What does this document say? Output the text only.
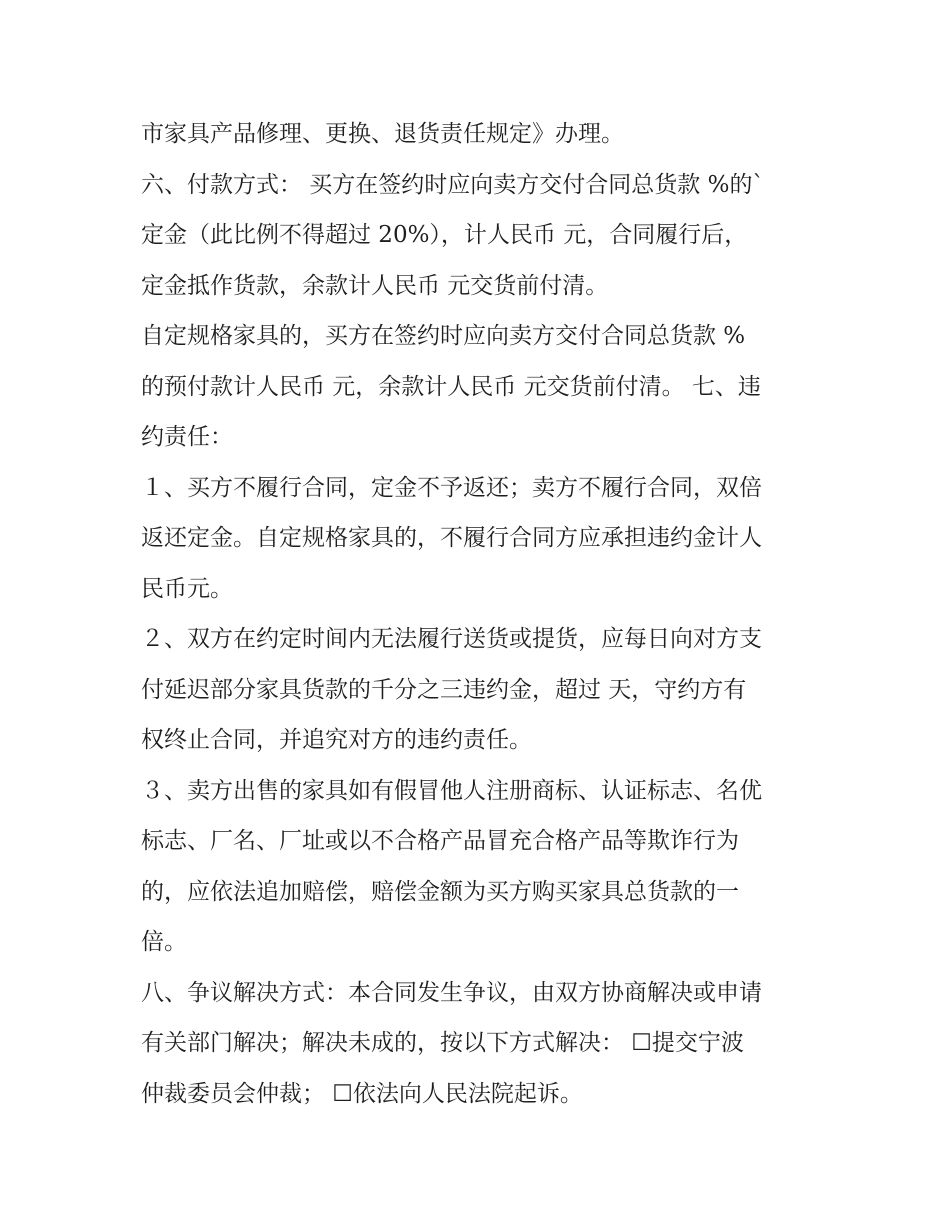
市家具产品修理、更换、退货责任规定》办理。
六、付款方式： 买方在签约时应向卖方交付合同总货款 %的`
定金（此比例不得超过 20%），计人民币 元，合同履行后，
定金抵作货款，余款计人民币 元交货前付清。
自定规格家具的，买方在签约时应向卖方交付合同总货款 %
的预付款计人民币 元，余款计人民币 元交货前付清。 七、违
约责任：
１、买方不履行合同，定金不予返还；卖方不履行合同，双倍
返还定金。自定规格家具的，不履行合同方应承担违约金计人
民币元。
２、双方在约定时间内无法履行送货或提货，应每日向对方支
付延迟部分家具货款的千分之三违约金，超过 天，守约方有
权终止合同，并追究对方的违约责任。
３、卖方出售的家具如有假冒他人注册商标、认证标志、名优
标志、厂名、厂址或以不合格产品冒充合格产品等欺诈行为
的，应依法追加赔偿，赔偿金额为买方购买家具总货款的一
倍。
八、争议解决方式：本合同发生争议，由双方协商解决或申请
有关部门解决；解决未成的，按以下方式解决： ☐提交宁波
仲裁委员会仲裁； ☐依法向人民法院起诉。
